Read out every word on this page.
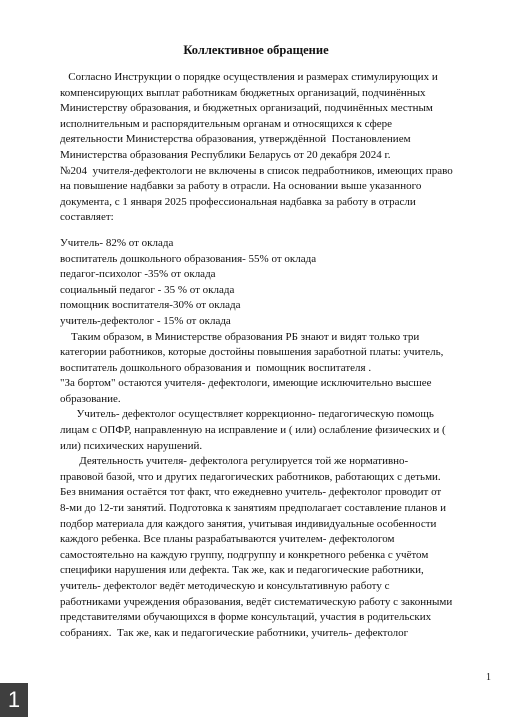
Коллективное обращение
Согласно Инструкции о порядке осуществления и размерах стимулирующих и
компенсирующих выплат работникам бюджетных организаций, подчинённых
Министерству образования, и бюджетных организаций, подчинённых местным
исполнительным и распорядительным органам и относящихся к сфере
деятельности Министерства образования, утверждённой  Постановлением
Министерства образования Республики Беларусь от 20 декабря 2024 г.
№204  учителя-дефектологи не включены в список педработников, имеющих право
на повышение надбавки за работу в отрасли. На основании выше указанного
документа, с 1 января 2025 профессиональная надбавка за работу в отрасли
составляет:
Учитель- 82% от оклада
воспитатель дошкольного образования- 55% от оклада
педагог-психолог -35% от оклада
социальный педагог - 35 % от оклада
помощник воспитателя-30% от оклада
учитель-дефектолог - 15% от оклада
Таким образом, в Министерстве образования РБ знают и видят только три
категории работников, которые достойны повышения заработной платы: учитель,
воспитатель дошкольного образования и  помощник воспитателя .
"За бортом" остаются учителя- дефектологи, имеющие исключительно высшее
образование.
Учитель- дефектолог осуществляет коррекционно- педагогическую помощь
лицам с ОПФР, направленную на исправление и ( или) ослабление физических и (
или) психических нарушений.
Деятельность учителя- дефектолога регулируется той же нормативно-
правовой базой, что и других педагогических работников, работающих с детьми.
Без внимания остаётся тот факт, что ежедневно учитель- дефектолог проводит от
8-ми до 12-ти занятий. Подготовка к занятиям предполагает составление планов и
подбор материала для каждого занятия, учитывая индивидуальные особенности
каждого ребенка. Все планы разрабатываются учителем- дефектологом
самостоятельно на каждую группу, подгруппу и конкретного ребенка с учётом
специфики нарушения или дефекта. Так же, как и педагогические работники,
учитель- дефектолог ведёт методическую и консультативную работу с
работниками учреждения образования, ведёт систематическую работу с законными
представителями обучающихся в форме консультаций, участия в родительских
собраниях.  Так же, как и педагогические работники, учитель- дефектолог
1
1
